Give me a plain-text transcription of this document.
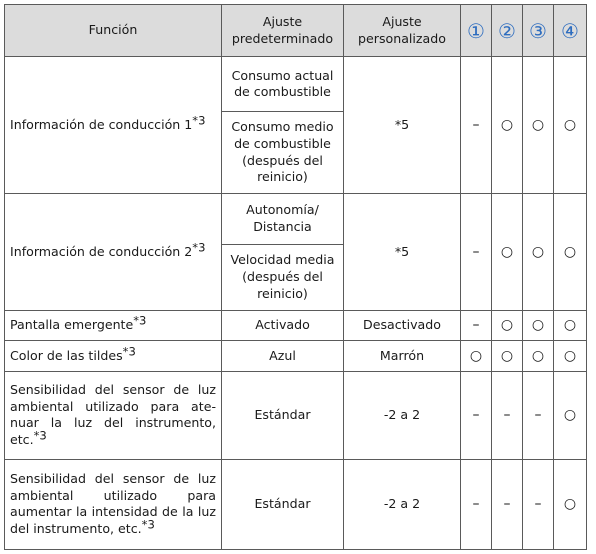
Función	Ajuste predeterminado	Ajuste personalizado	①	②	③	④
Información de conducción 1$^{*3}$	Consumo actual de combustible	*5	–	○	○	○
	Consumo medio de combustible (después del reinicio)					
Información de conducción 2$^{*3}$	Autonomía/ Distancia	*5	–	○	○	○
	Velocidad media (después del reinicio)					
Pantalla emergente$^{*3}$	Activado	Desactivado	–	○	○	○
Color de las tildes$^{*3}$	Azul	Marrón	○	○	○	○
Sensibilidad del sensor de luz ambiental utilizado para ate-nuar la luz del instrumento, etc.$^{*3}$	Estándar	-2 a 2	–	–	–	○
Sensibilidad del sensor de luz ambiental utilizado para aumentar la intensidad de la luz del instrumento, etc.$^{*3}$	Estándar	-2 a 2	–	–	–	○
